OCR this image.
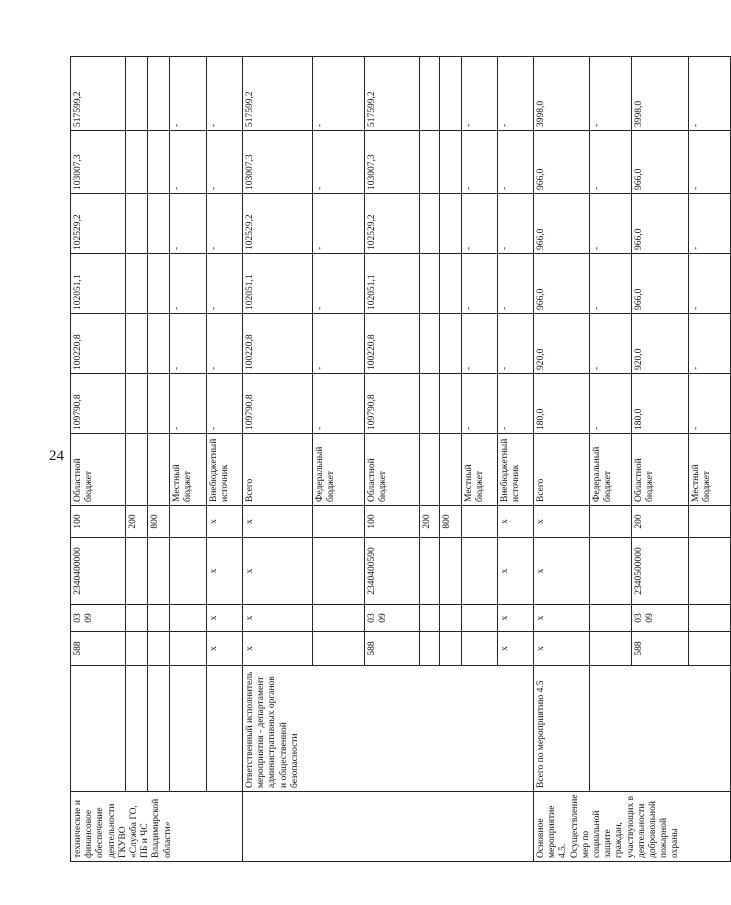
24
технические и финансовое обеспечение деятельности ГКУВО «Служба ГО, ПБ и ЧС Владимирской области»		588	03 09	2340400000	100	Областной бюджет	109790,8	100220,8	102051,1	102529,2	103007,3	517599,2
					200							
					800							
						Местный бюджет	-	-	-	-	-	-
		х	х	х	х	Внебюджетный источник	-	-	-	-	-	-
	Ответственный исполнитель мероприятия - департамент административных органов и общественной безопасности	х	х	х	х	Всего	109790,8	100220,8	102051,1	102529,2	103007,3	517599,2
						Федеральный бюджет	-	-	-	-	-	-
		588	03 09	2340400590	100	Областной бюджет	109790,8	100220,8	102051,1	102529,2	103007,3	517599,2
					200							
					800							
						Местный бюджет	-	-	-	-	-	-
		х	х	х	х	Внебюджетный источник	-	-	-	-	-	-
Основное мероприятие 4.5. Осуществление мер по социальной защите граждан, участвующих в деятельности добровольной пожарной охраны	Всего по мероприятию 4.5	х	х	х	х	Всего	180,0	920,0	966,0	966,0	966,0	3998,0
						Федеральный бюджет	-	-	-	-	-	-
		588	03 09	2340500000	200	Областной бюджет	180,0	920,0	966,0	966,0	966,0	3998,0
						Местный бюджет	-	-	-	-	-	-
